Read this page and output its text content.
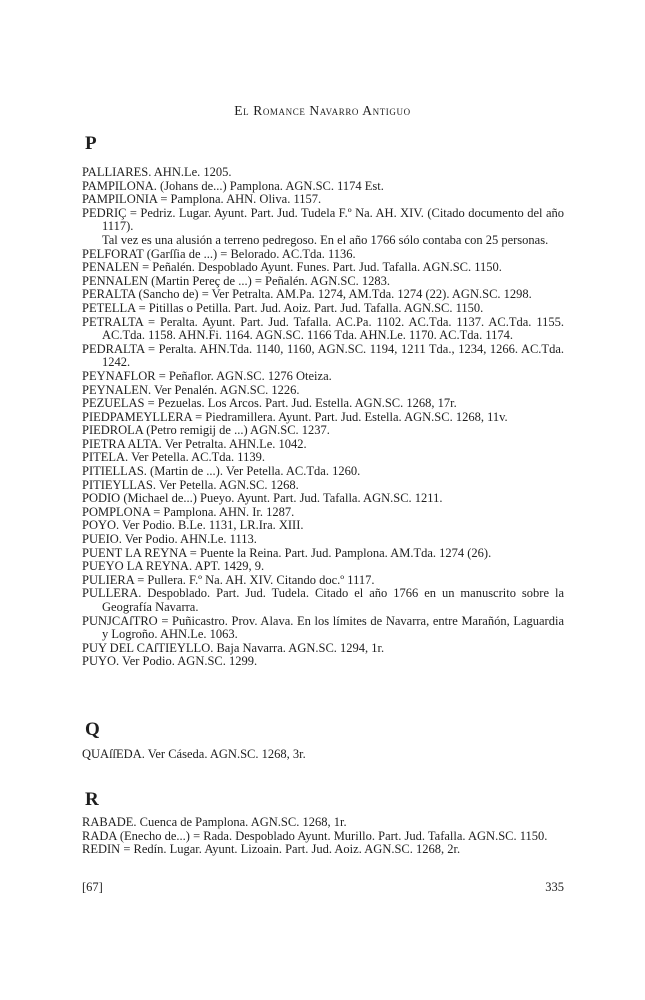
El Romance Navarro Antiguo
P
PALLIARES. AHN.Le. 1205.
PAMPILONA. (Johans de...) Pamplona. AGN.SC. 1174 Est.
PAMPILONIA = Pamplona. AHN. Oliva. 1157.
PEDRIÇ = Pedriz. Lugar. Ayunt. Part. Jud. Tudela F.º Na. AH. XIV. (Citado documento del año 1117).
Tal vez es una alusión a terreno pedregoso. En el año 1766 sólo contaba con 25 personas.
PELFORAT (Garſſia de ...) = Belorado. AC.Tda. 1136.
PENALEN = Peñalén. Despoblado Ayunt. Funes. Part. Jud. Tafalla. AGN.SC. 1150.
PENNALEN (Martin Pereç de ...) = Peñalén. AGN.SC. 1283.
PERALTA (Sancho de) = Ver Petralta. AM.Pa. 1274, AM.Tda. 1274 (22). AGN.SC. 1298.
PETELLA = Pitillas o Petilla. Part. Jud. Aoiz. Part. Jud. Tafalla. AGN.SC. 1150.
PETRALTA = Peralta. Ayunt. Part. Jud. Tafalla. AC.Pa. 1102. AC.Tda. 1137. AC.Tda. 1155. AC.Tda. 1158. AHN.Fi. 1164. AGN.SC. 1166 Tda. AHN.Le. 1170. AC.Tda. 1174.
PEDRALTA = Peralta. AHN.Tda. 1140, 1160, AGN.SC. 1194, 1211 Tda., 1234, 1266. AC.Tda. 1242.
PEYNAFLOR = Peñaflor. AGN.SC. 1276 Oteiza.
PEYNALEN. Ver Penalén. AGN.SC. 1226.
PEZUELAS = Pezuelas. Los Arcos. Part. Jud. Estella. AGN.SC. 1268, 17r.
PIEDPAMEYLLERA = Piedramillera. Ayunt. Part. Jud. Estella. AGN.SC. 1268, 11v.
PIEDROLA (Petro remigij de ...) AGN.SC. 1237.
PIETRA ALTA. Ver Petralta. AHN.Le. 1042.
PITELA. Ver Petella. AC.Tda. 1139.
PITIELLAS. (Martin de ...). Ver Petella. AC.Tda. 1260.
PITIEYLLAS. Ver Petella. AGN.SC. 1268.
PODIO (Michael de...) Pueyo. Ayunt. Part. Jud. Tafalla. AGN.SC. 1211.
POMPLONA = Pamplona. AHN. Ir. 1287.
POYO. Ver Podio. B.Le. 1131, LR.Ira. XIII.
PUEIO. Ver Podio. AHN.Le. 1113.
PUENT LA REYNA = Puente la Reina. Part. Jud. Pamplona. AM.Tda. 1274 (26).
PUEYO LA REYNA. APT. 1429, 9.
PULIERA = Pullera. F.º Na. AH. XIV. Citando doc.º 1117.
PULLERA. Despoblado. Part. Jud. Tudela. Citado el año 1766 en un manuscrito sobre la Geografía Navarra.
PUNJCAſTRO = Puñicastro. Prov. Alava. En los límites de Navarra, entre Marañón, Laguardia y Logroño. AHN.Le. 1063.
PUY DEL CAſTIEYLLO. Baja Navarra. AGN.SC. 1294, 1r.
PUYO. Ver Podio. AGN.SC. 1299.
Q
QUAſſEDA. Ver Cáseda. AGN.SC. 1268, 3r.
R
RABADE. Cuenca de Pamplona. AGN.SC. 1268, 1r.
RADA (Enecho de...) = Rada. Despoblado Ayunt. Murillo. Part. Jud. Tafalla. AGN.SC. 1150.
REDIN = Redín. Lugar. Ayunt. Lizoain. Part. Jud. Aoiz. AGN.SC. 1268, 2r.
[67]	335
